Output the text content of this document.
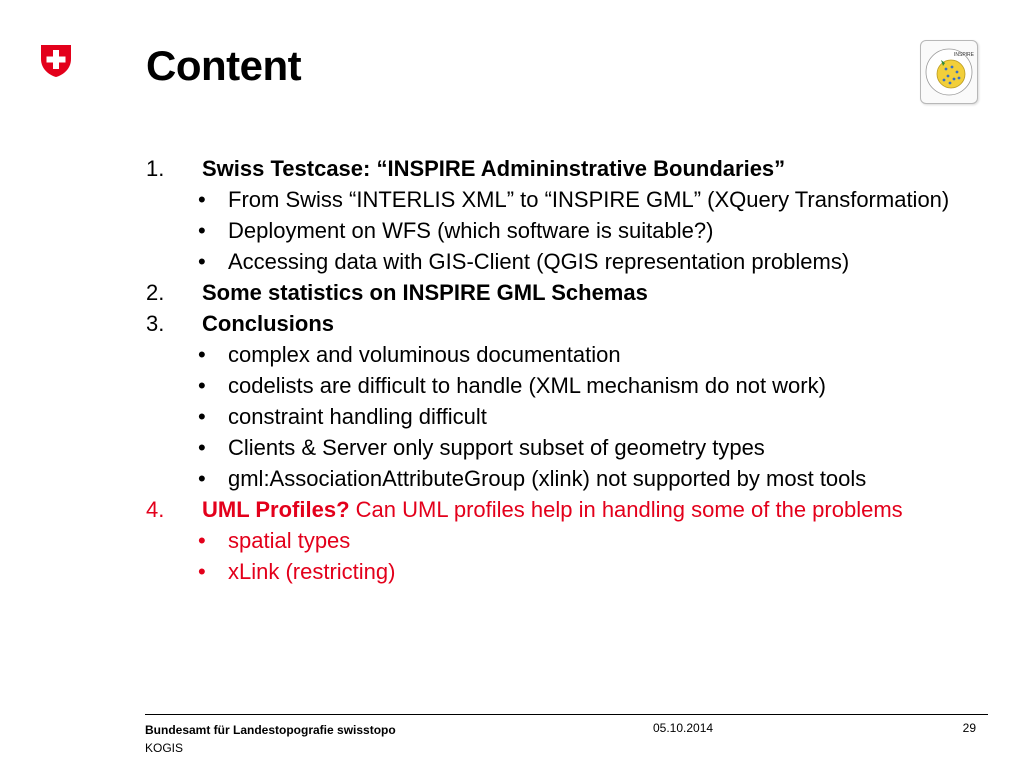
Content	INSPIRE
1. Swiss Testcase: “INSPIRE Admininstrative Boundaries”
• From Swiss “INTERLIS XML” to “INSPIRE GML” (XQuery Transformation)
• Deployment on WFS (which software is suitable?)
• Accessing data with GIS-Client (QGIS representation problems)
2. Some statistics on INSPIRE GML Schemas
3. Conclusions
• complex and voluminous documentation
• codelists are difficult to handle (XML mechanism do not work)
• constraint handling difficult
• Clients & Server only support subset of geometry types
• gml:AssociationAttributeGroup (xlink) not supported by most tools
4. UML Profiles? Can UML profiles help in handling some of the problems
• spatial types
• xLink (restricting)
Bundesamt für Landestopografie swisstopo
KOGIS
05.10.2014	29
